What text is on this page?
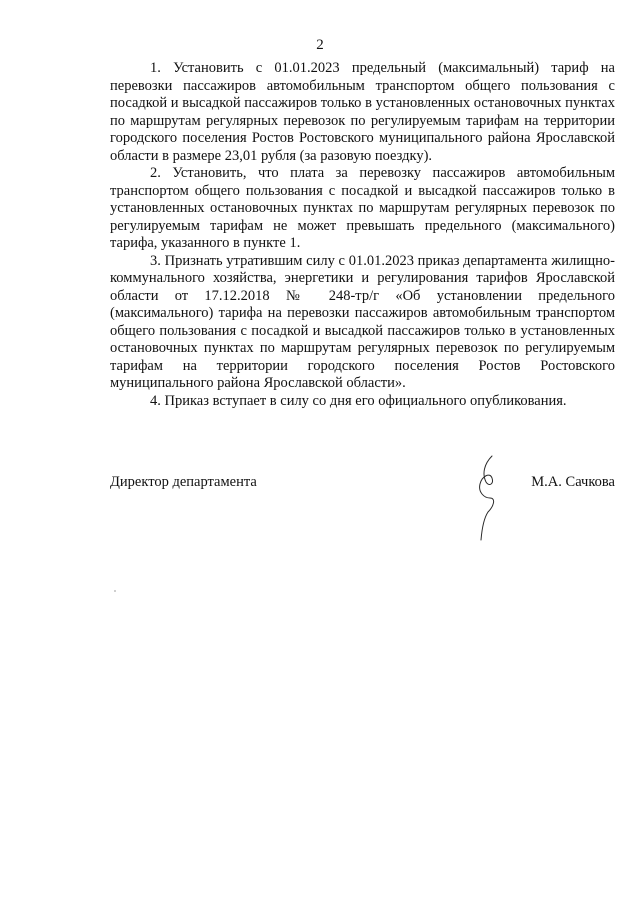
2

1. Установить с 01.01.2023 предельный (максимальный) тариф на перевозки пассажиров автомобильным транспортом общего пользования с посадкой и высадкой пассажиров только в установленных остановочных пунктах по маршрутам регулярных перевозок по регулируемым тарифам на территории городского поселения Ростов Ростовского муниципального района Ярославской области в размере 23,01 рубля (за разовую поездку).

2. Установить, что плата за перевозку пассажиров автомобильным транспортом общего пользования с посадкой и высадкой пассажиров только в установленных остановочных пунктах по маршрутам регулярных перевозок по регулируемым тарифам не может превышать предельного (максимального) тарифа, указанного в пункте 1.

3. Признать утратившим силу с 01.01.2023 приказ департамента жилищно-коммунального хозяйства, энергетики и регулирования тарифов Ярославской области от 17.12.2018 № 248-тр/г «Об установлении предельного (максимального) тарифа на перевозки пассажиров автомобильным транспортом общего пользования с посадкой и высадкой пассажиров только в установленных остановочных пунктах по маршрутам регулярных перевозок по регулируемым тарифам на территории городского поселения Ростов Ростовского муниципального района Ярославской области».

4. Приказ вступает в силу со дня его официального опубликования.

Директор департамента	М.А. Сачкова
